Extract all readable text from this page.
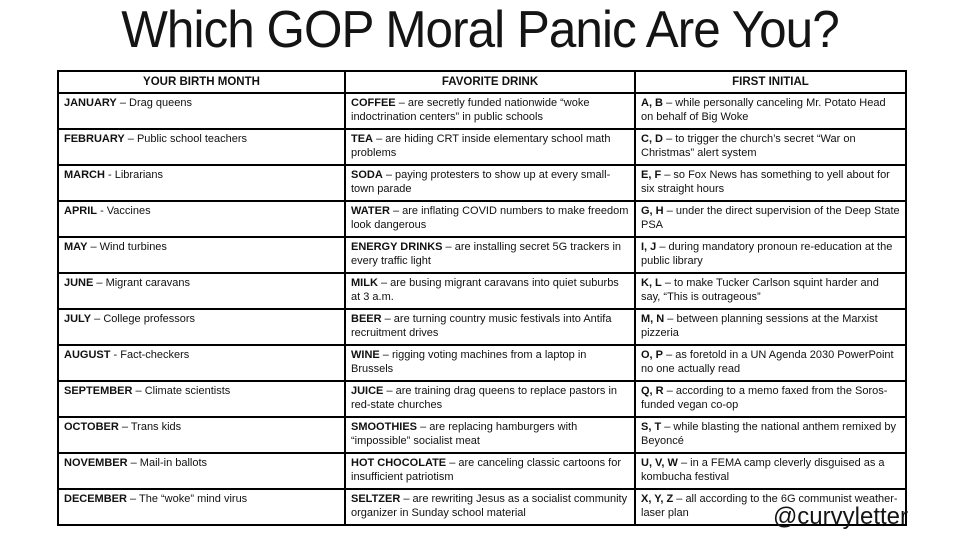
Which GOP Moral Panic Are You?
YOUR BIRTH MONTH	FAVORITE DRINK	FIRST INITIAL
JANUARY – Drag queens	COFFEE – are secretly funded nationwide “woke indoctrination centers” in public schools	A, B – while personally canceling Mr. Potato Head on behalf of Big Woke
FEBRUARY – Public school teachers	TEA – are hiding CRT inside elementary school math problems	C, D – to trigger the church’s secret “War on Christmas” alert system
MARCH - Librarians	SODA – paying protesters to show up at every small-town parade	E, F – so Fox News has something to yell about for six straight hours
APRIL - Vaccines	WATER – are inflating COVID numbers to make freedom look dangerous	G, H – under the direct supervision of the Deep State PSA
MAY – Wind turbines	ENERGY DRINKS – are installing secret 5G trackers in every traffic light	I, J – during mandatory pronoun re-education at the public library
JUNE – Migrant caravans	MILK – are busing migrant caravans into quiet suburbs at 3 a.m.	K, L – to make Tucker Carlson squint harder and say, “This is outrageous”
JULY – College professors	BEER – are turning country music festivals into Antifa recruitment drives	M, N – between planning sessions at the Marxist pizzeria
AUGUST - Fact-checkers	WINE – rigging voting machines from a laptop in Brussels	O, P – as foretold in a UN Agenda 2030 PowerPoint no one actually read
SEPTEMBER – Climate scientists	JUICE – are training drag queens to replace pastors in red-state churches	Q, R – according to a memo faxed from the Soros-funded vegan co-op
OCTOBER – Trans kids	SMOOTHIES – are replacing hamburgers with “impossible” socialist meat	S, T – while blasting the national anthem remixed by Beyoncé
NOVEMBER – Mail-in ballots	HOT CHOCOLATE – are canceling classic cartoons for insufficient patriotism	U, V, W – in a FEMA camp cleverly disguised as a kombucha festival
DECEMBER – The “woke” mind virus	SELTZER – are rewriting Jesus as a socialist community organizer in Sunday school material	X, Y, Z – all according to the 6G communist weather-laser plan	@curvyletter
